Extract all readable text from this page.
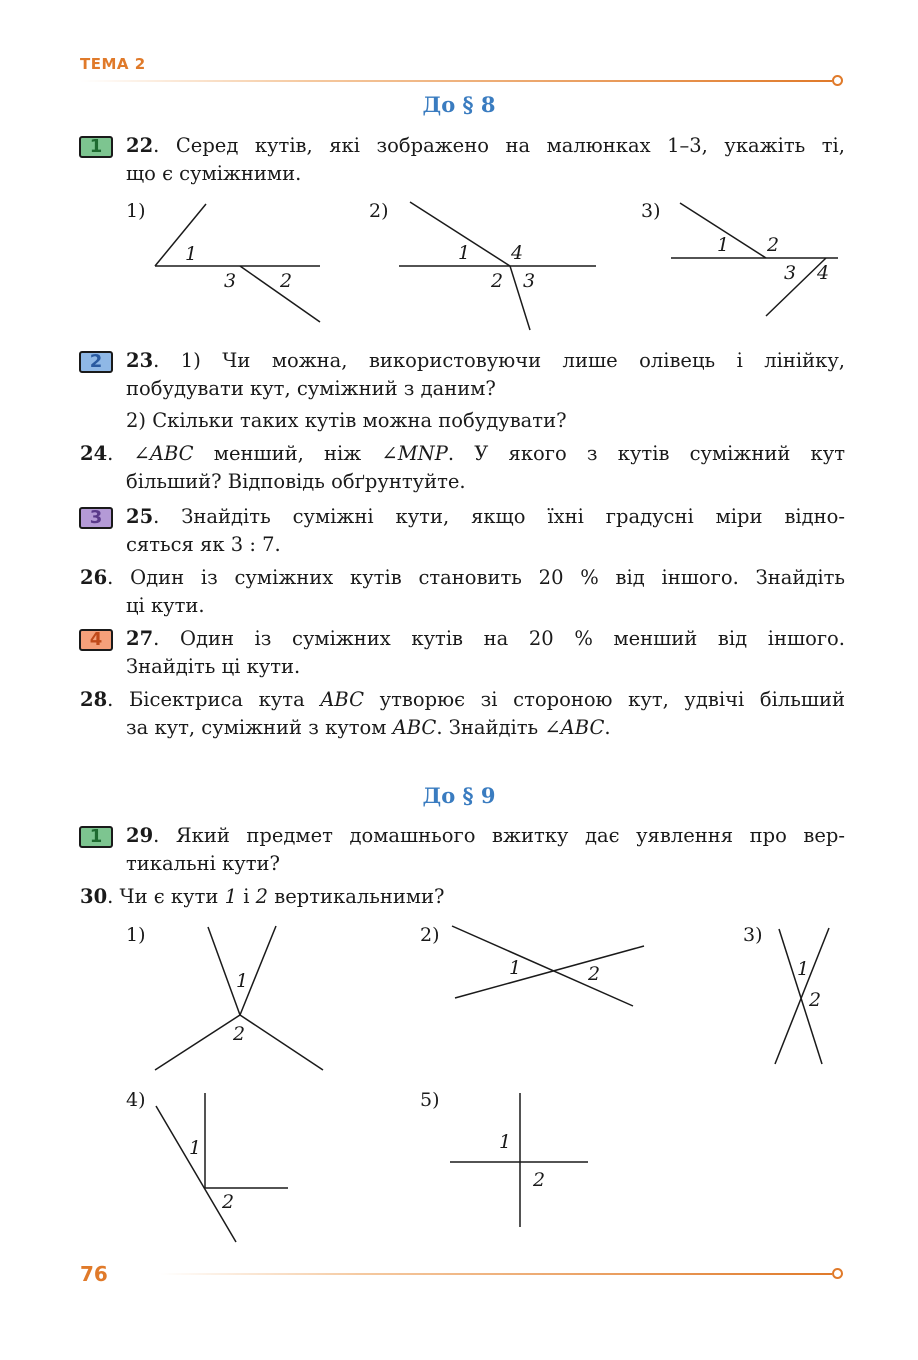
ТЕМА 2
До § 8
1	22. Серед кутів, які зображено на малюнках 1–3, укажіть ті,
що є суміжними.
1)	2)	3)
1
3 2
1 4
2 3
1 2
3 4
1
2
1	2	1
2
1
2
1
2
2	23. 1) Чи можна, використовуючи лише олівець і лінійку,
побудувати кут, суміжний з даним?
2) Скільки таких кутів можна побудувати?
24. ∠ABC менший, ніж ∠MNP. У якого з кутів суміжний кут
більший? Відповідь обґрунтуйте.
3	25. Знайдіть суміжні кути, якщо їхні градусні міри відно-
сяться як 3 : 7.
26. Один із суміжних кутів становить 20 % від іншого. Знайдіть
ці кути.
4	27. Один із суміжних кутів на 20 % менший від іншого.
Знайдіть ці кути.
28. Бісектриса кута ABC утворює зі стороною кут, удвічі більший
за кут, суміжний з кутом ABC. Знайдіть ∠ABC.
До § 9
1	29. Який предмет домашнього вжитку дає уявлення про вер-
тикальні кути?
30. Чи є кути 1 і 2 вертикальними?
1)	2)	3)
4)	5)
76
